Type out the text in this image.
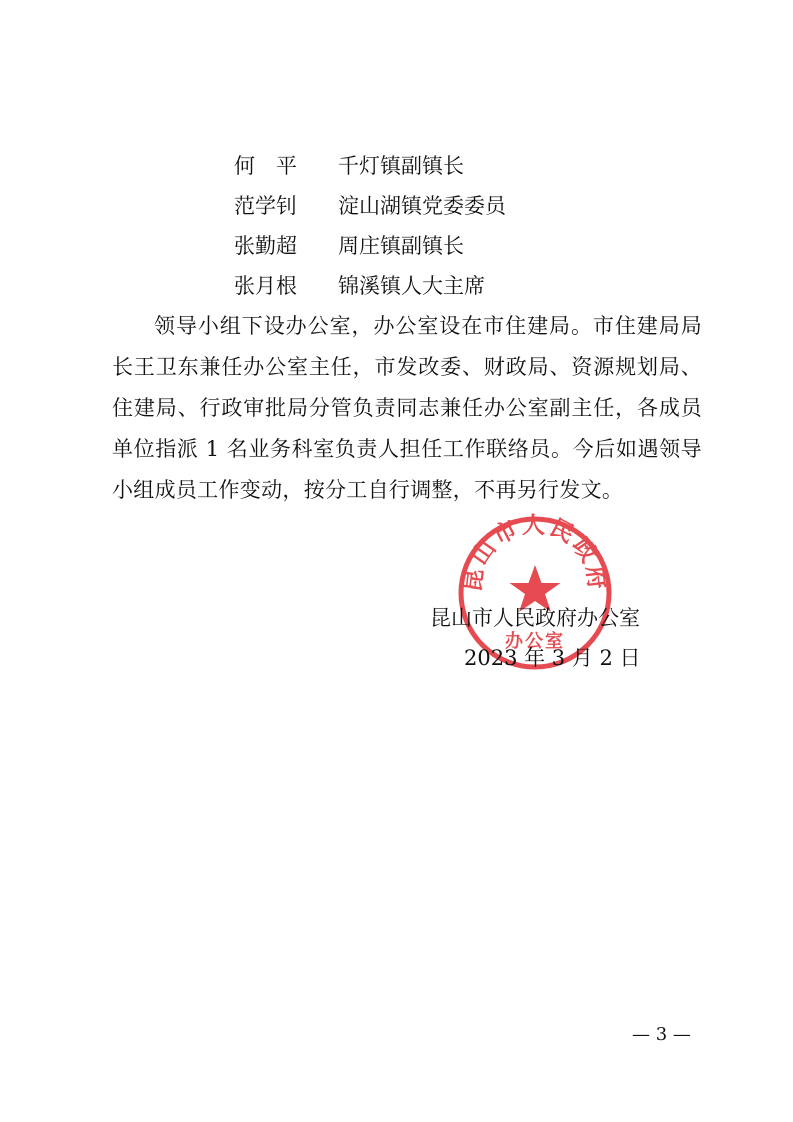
何　平	千灯镇副镇长
范学钊	淀山湖镇党委委员
张勤超	周庄镇副镇长
张月根	锦溪镇人大主席
领导小组下设办公室，办公室设在市住建局。市住建局局长王卫东兼任办公室主任，市发改委、财政局、资源规划局、住建局、行政审批局分管负责同志兼任办公室副主任，各成员单位指派 1 名业务科室负责人担任工作联络员。今后如遇领导小组成员工作变动，按分工自行调整，不再另行发文。
昆山市人民政府
办公室
昆山市人民政府办公室
2023 年 3 月 2 日
— 3 —
